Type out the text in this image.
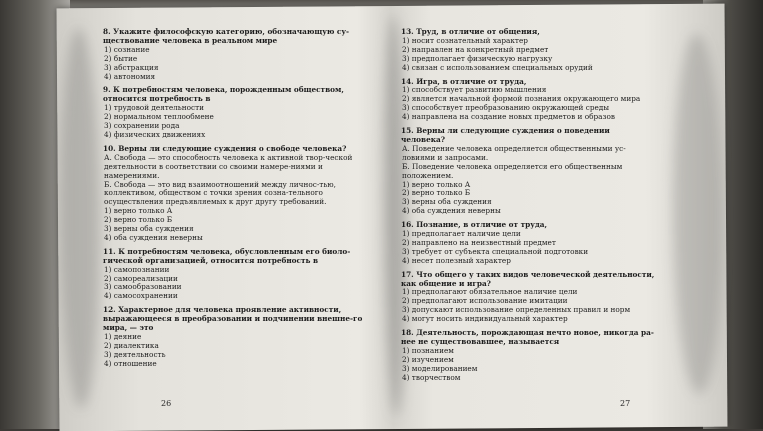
8. Укажите философскую категорию, обозначающую су-ществование человека в реальном мире
1) сознание
2) бытие
3) абстракция
4) автономия
9. К потребностям человека, порожденным обществом, относится потребность в
1) трудовой деятельности
2) нормальном теплообмене
3) сохранении рода
4) физических движениях
10. Верны ли следующие суждения о свободе человека?
А. Свобода — это способность человека к активной твор-ческой деятельности в соответствии со своими намере-ниями и намерениями.
Б. Свобода — это вид взаимоотношений между личнос-тью, коллективом, обществом с точки зрения созна-тельного осуществления предъявляемых к друг другу требований.
1) верно только А
2) верно только Б
3) верны оба суждения
4) оба суждения неверны
11. К потребностям человека, обусловленным его биоло-гической организацией, относится потребность в
1) самопознании
2) самореализации
3) самообразовании
4) самосохранении
12. Характерное для человека проявление активности, выражающееся в преобразовании и подчинении внешне-го мира, — это
1) деяние
2) диалектика
3) деятельность
4) отношение
13. Труд, в отличие от общения,
1) носит сознательный характер
2) направлен на конкретный предмет
3) предполагает физическую нагрузку
4) связан с использованием специальных орудий
14. Игра, в отличие от труда,
1) способствует развитию мышления
2) является начальной формой познания окружающего мира
3) способствует преобразованию окружающей среды
4) направлена на создание новых предметов и образов
15. Верны ли следующие суждения о поведении человека?
А. Поведение человека определяется общественными ус-ловиями и запросами.
Б. Поведение человека определяется его общественным положением.
1) верно только А
2) верно только Б
3) верны оба суждения
4) оба суждения неверны
16. Познание, в отличие от труда,
1) предполагает наличие цели
2) направлено на неизвестный предмет
3) требует от субъекта специальной подготовки
4) несет полезный характер
17. Что общего у таких видов человеческой деятельности, как общение и игра?
1) предполагают обязательное наличие цели
2) предполагают использование имитации
3) допускают использование определенных правил и норм
4) могут носить индивидуальный характер
18. Деятельность, порождающая нечто новое, никогда ра-нее не существовавшее, называется
1) познанием
2) изучением
3) моделированием
4) творчеством
26	27
